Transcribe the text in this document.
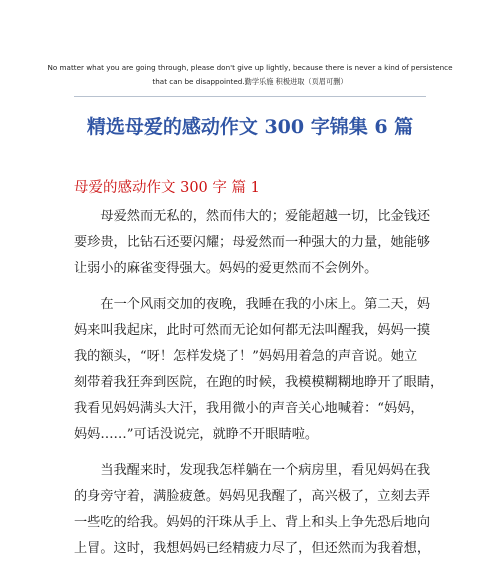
No matter what you are going through, please don't give up lightly, because there is never a kind of persistence
that can be disappointed.勤学乐施 积极进取（页眉可删）
精选母爱的感动作文 300 字锦集 6 篇
母爱的感动作文 300 字 篇 1

母爱然而无私的，然而伟大的；爱能超越一切，比金钱还
要珍贵，比钻石还要闪耀；母爱然而一种强大的力量，她能够
让弱小的麻雀变得强大。妈妈的爱更然而不会例外。

在一个风雨交加的夜晚，我睡在我的小床上。第二天，妈
妈来叫我起床，此时可然而无论如何都无法叫醒我，妈妈一摸
我的额头，“呀！怎样发烧了！”妈妈用着急的声音说。她立
刻带着我狂奔到医院，在跑的时候，我模模糊糊地睁开了眼睛，
我看见妈妈满头大汗，我用微小的声音关心地喊着：“妈妈，
妈妈……”可话没说完，就睁不开眼睛啦。

当我醒来时，发现我怎样躺在一个病房里，看见妈妈在我
的身旁守着，满脸疲惫。妈妈见我醒了，高兴极了，立刻去弄
一些吃的给我。妈妈的汗珠从手上、背上和头上争先恐后地向
上冒。这时，我想妈妈已经精疲力尽了，但还然而为我着想，
